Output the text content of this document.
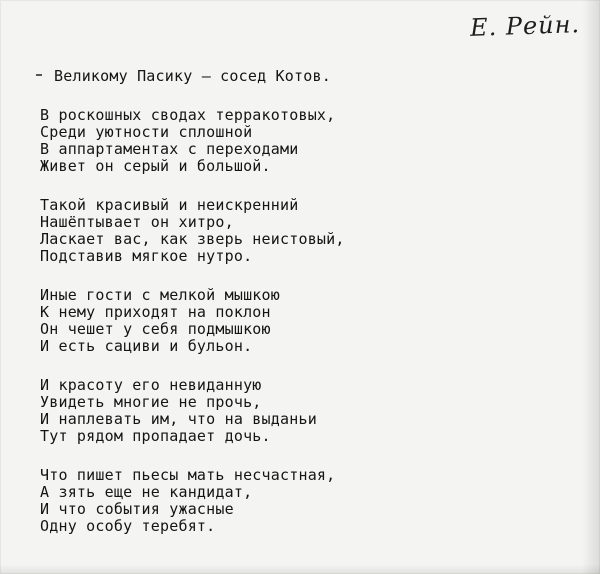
Е. Рейн.
Великому Пасику – сосед Котов.
В роскошных сводах терракотовых,
Среди уютности сплошной
В аппартаментах с переходами
Живет он серый и большой.
Такой красивый и неискренний
Нашёптывает он хитро,
Ласкает вас, как зверь неистовый,
Подставив мягкое нутро.
Иные гости с мелкой мышкою
К нему приходят на поклон
Он чешет у себя подмышкою
И есть сациви и бульон.
И красоту его невиданную
Увидеть многие не прочь,
И наплевать им, что на выданьи
Тут рядом пропадает дочь.
Что пишет пьесы мать несчастная,
А зять еще не кандидат,
И что события ужасные
Одну особу теребят.
